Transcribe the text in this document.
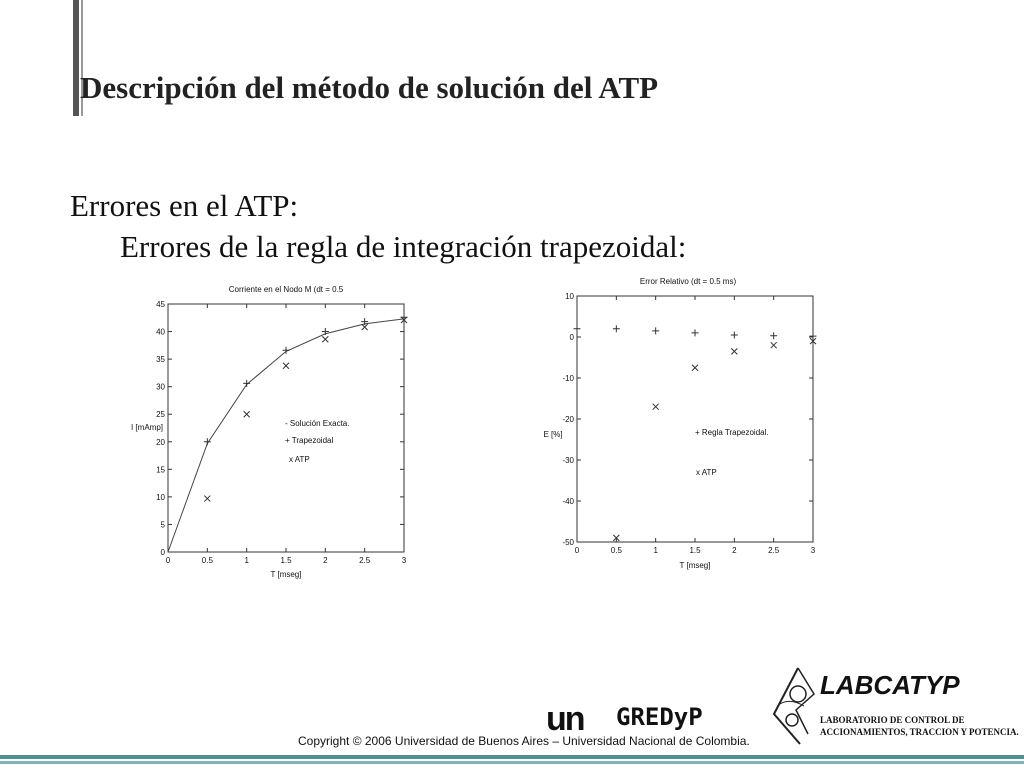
Descripción del método de solución del ATP
Errores en el ATP:
Errores de la regla de integración trapezoidal:
Corriente en el Nodo M (dt = 0.5
T [mseg]
I [mAmp]
0	0.5	1	1.5	2	2.5	3
0
5
10
15
20
25
30
35
40
45
- Solución Exacta.
+ Trapezoidal
x ATP
Error Relativo (dt = 0.5 ms)
T [mseg]
E [%]
0	0.5	1	1.5	2	2.5	3
10
0
-10
-20
-30
-40
-50
+ Regla Trapezoidal.
x ATP
un GREDyP
LABCATYP
LABORATORIO DE CONTROL DE
ACCIONAMIENTOS, TRACCION Y POTENCIA.
Copyright © 2006 Universidad de Buenos Aires – Universidad Nacional de Colombia.
